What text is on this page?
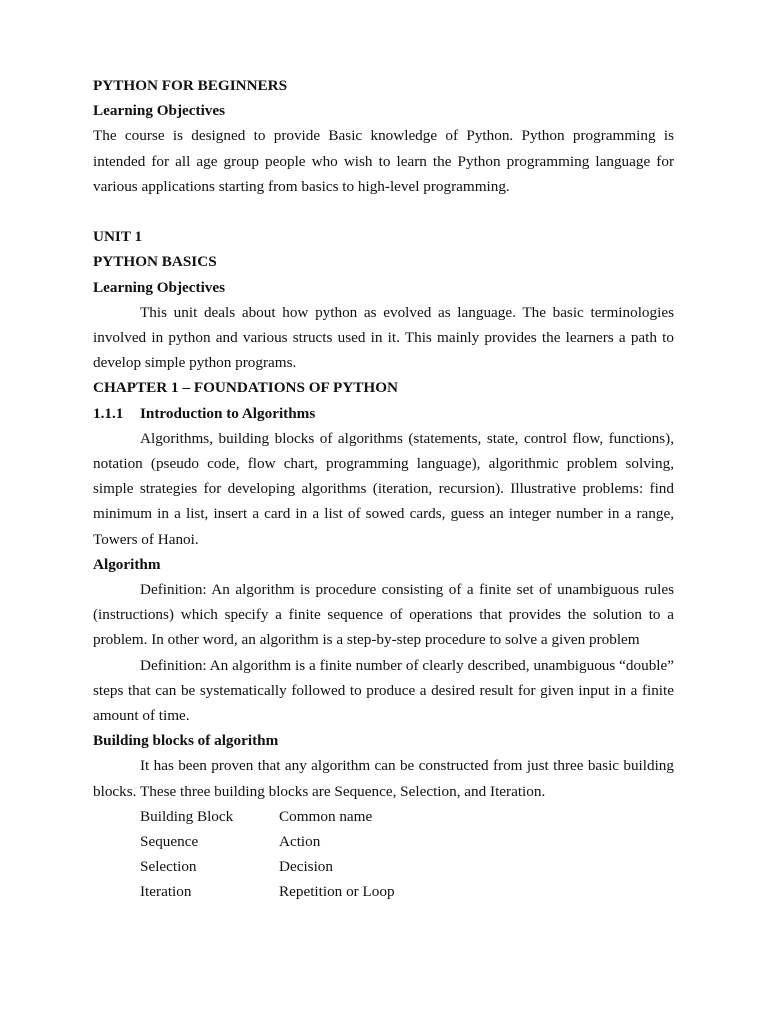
PYTHON FOR BEGINNERS

Learning Objectives

The course is designed to provide Basic knowledge of Python. Python programming is intended for all age group people who wish to learn the Python programming language for various applications starting from basics to high-level programming.

UNIT 1

PYTHON BASICS

Learning Objectives

This unit deals about how python as evolved as language. The basic terminologies involved in python and various structs used in it. This mainly provides the learners a path to develop simple python programs.

CHAPTER 1 – FOUNDATIONS OF PYTHON

1.1.1 Introduction to Algorithms

Algorithms, building blocks of algorithms (statements, state, control flow, functions), notation (pseudo code, flow chart, programming language), algorithmic problem solving, simple strategies for developing algorithms (iteration, recursion). Illustrative problems: find minimum in a list, insert a card in a list of sowed cards, guess an integer number in a range, Towers of Hanoi.

Algorithm

Definition: An algorithm is procedure consisting of a finite set of unambiguous rules (instructions) which specify a finite sequence of operations that provides the solution to a problem. In other word, an algorithm is a step-by-step procedure to solve a given problem

Definition: An algorithm is a finite number of clearly described, unambiguous “double” steps that can be systematically followed to produce a desired result for given input in a finite amount of time.

Building blocks of algorithm

It has been proven that any algorithm can be constructed from just three basic building blocks. These three building blocks are Sequence, Selection, and Iteration.

Building Block	Common name
Sequence	Action
Selection	Decision
Iteration	Repetition or Loop
